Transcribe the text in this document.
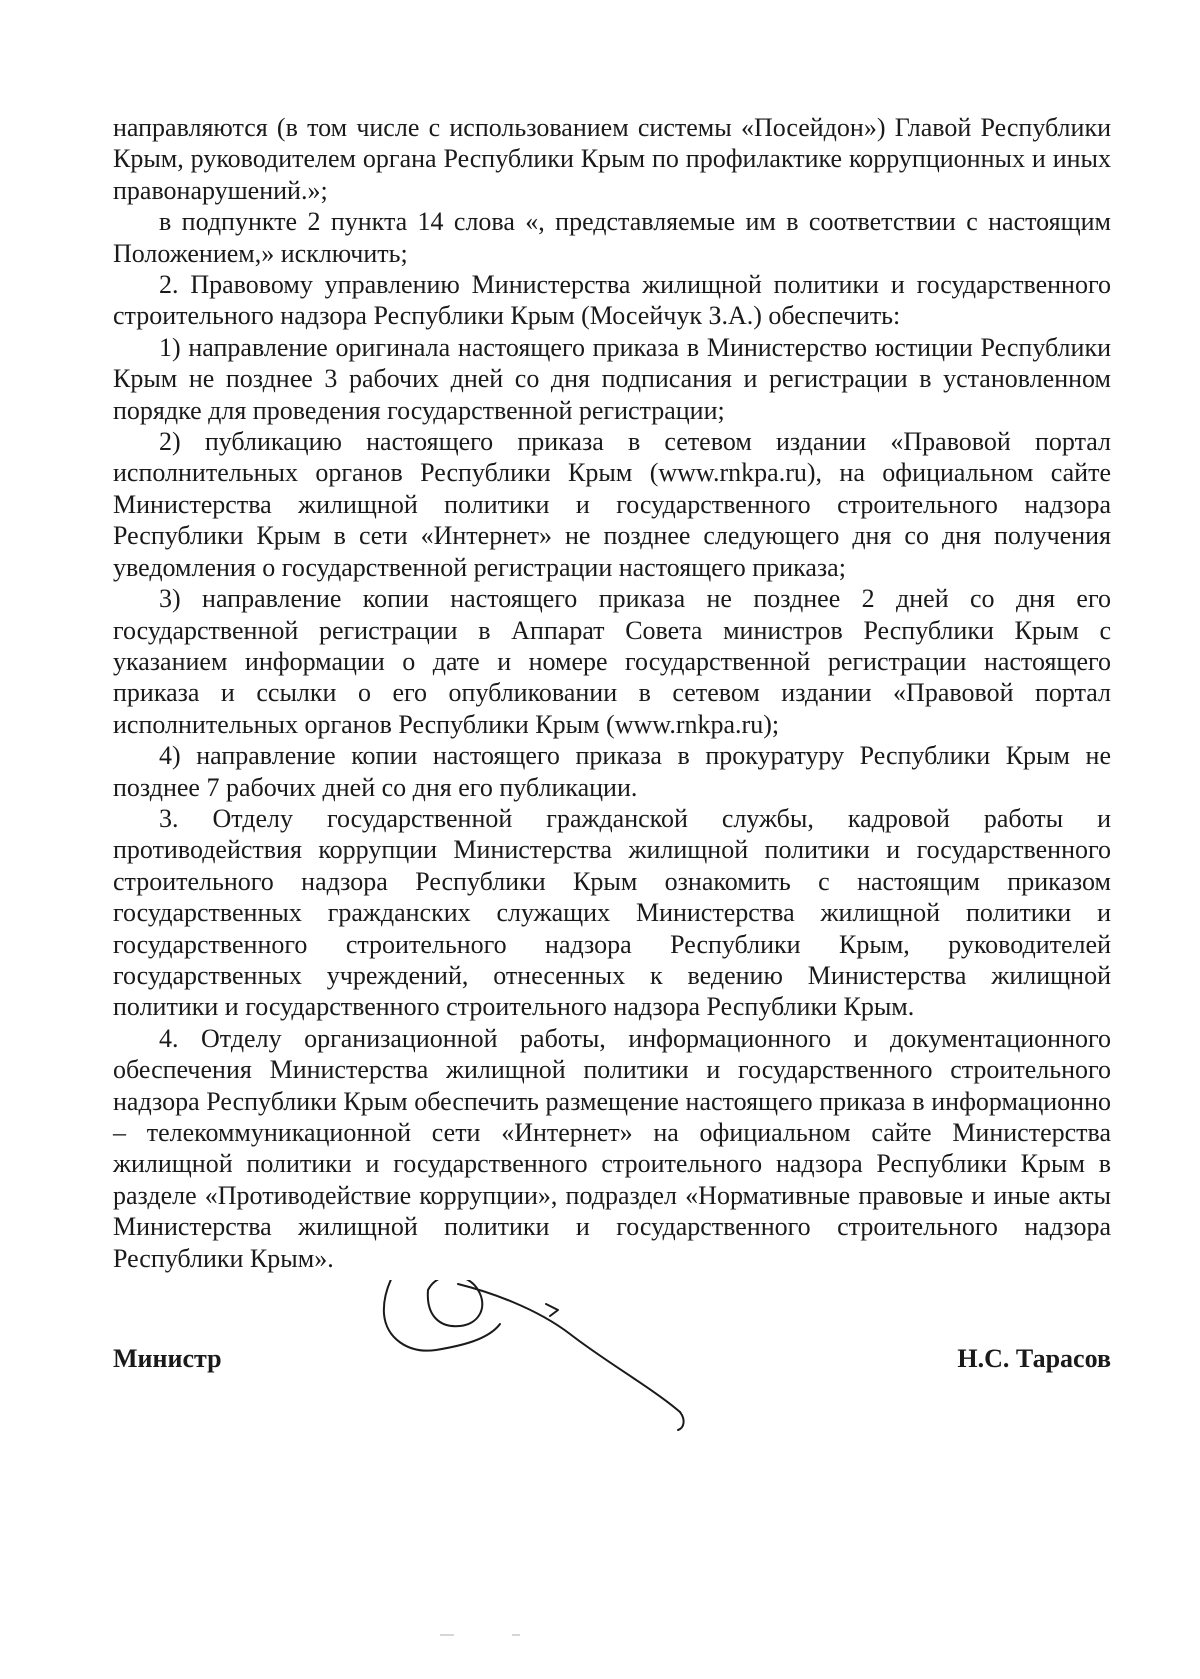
направляются (в том числе с использованием системы «Посейдон») Главой Республики Крым, руководителем органа Республики Крым по профилактике коррупционных и иных правонарушений.»;

в подпункте 2 пункта 14 слова «, представляемые им в соответствии с настоящим Положением,» исключить;

2. Правовому управлению Министерства жилищной политики и государственного строительного надзора Республики Крым (Мосейчук З.А.) обеспечить:

1) направление оригинала настоящего приказа в Министерство юстиции Республики Крым не позднее 3 рабочих дней со дня подписания и регистрации в установленном порядке для проведения государственной регистрации;

2) публикацию настоящего приказа в сетевом издании «Правовой портал исполнительных органов Республики Крым (www.rnkpa.ru), на официальном сайте Министерства жилищной политики и государственного строительного надзора Республики Крым в сети «Интернет» не позднее следующего дня со дня получения уведомления о государственной регистрации настоящего приказа;

3) направление копии настоящего приказа не позднее 2 дней со дня его государственной регистрации в Аппарат Совета министров Республики Крым с указанием информации о дате и номере государственной регистрации настоящего приказа и ссылки о его опубликовании в сетевом издании «Правовой портал исполнительных органов Республики Крым (www.rnkpa.ru);

4) направление копии настоящего приказа в прокуратуру Республики Крым не позднее 7 рабочих дней со дня его публикации.

3. Отделу государственной гражданской службы, кадровой работы и противодействия коррупции Министерства жилищной политики и государственного строительного надзора Республики Крым ознакомить с настоящим приказом государственных гражданских служащих Министерства жилищной политики и государственного строительного надзора Республики Крым, руководителей государственных учреждений, отнесенных к ведению Министерства жилищной политики и государственного строительного надзора Республики Крым.

4. Отделу организационной работы, информационного и документационного обеспечения Министерства жилищной политики и государственного строительного надзора Республики Крым обеспечить размещение настоящего приказа в информационно – телекоммуникационной сети «Интернет» на официальном сайте Министерства жилищной политики и государственного строительного надзора Республики Крым в разделе «Противодействие коррупции», подраздел «Нормативные правовые и иные акты Министерства жилищной политики и государственного строительного надзора Республики Крым».

Министр	Н.С. Тарасов
